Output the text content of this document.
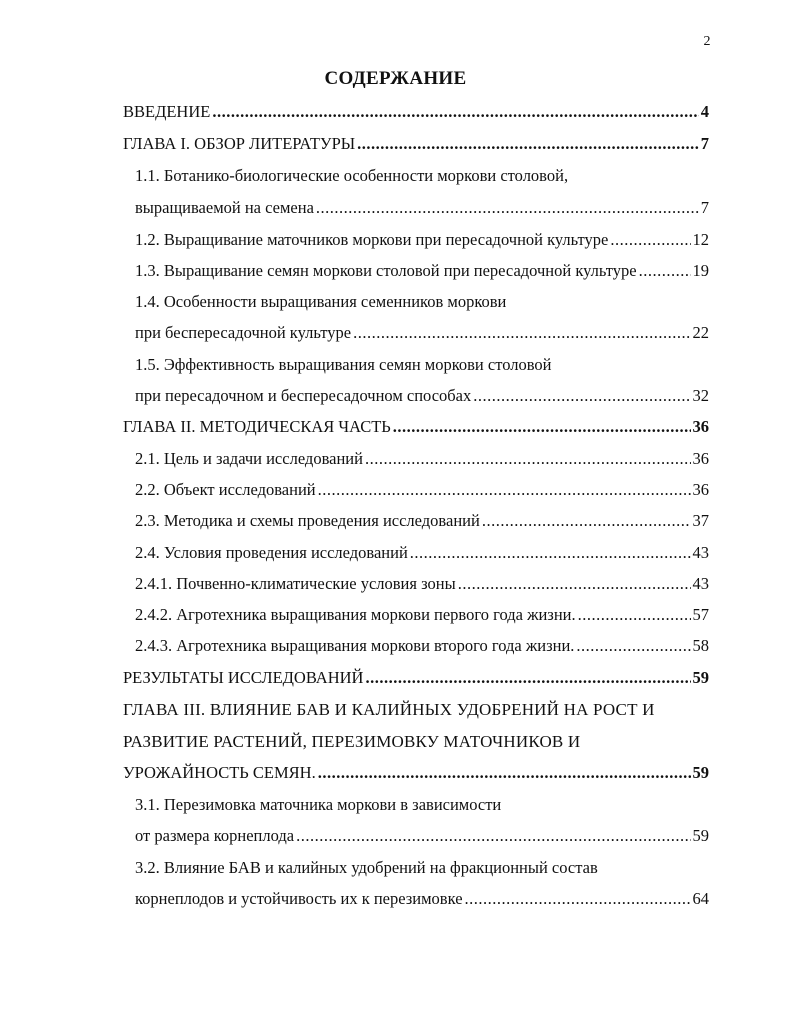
2
СОДЕРЖАНИЕ
ВВЕДЕНИЕ .....	4
ГЛАВА I. ОБЗОР ЛИТЕРАТУРЫ .....	7
1.1. Ботанико-биологические особенности моркови столовой,
выращиваемой на семена .....	7
1.2. Выращивание маточников моркови при пересадочной культуре .....	12
1.3. Выращивание семян моркови столовой при пересадочной культуре .....	19
1.4. Особенности выращивания семенников моркови
при беспересадочной культуре .....	22
1.5. Эффективность выращивания семян моркови столовой
при пересадочном и беспересадочном способах .....	32
ГЛАВА II. МЕТОДИЧЕСКАЯ ЧАСТЬ .....	36
2.1. Цель и задачи исследований .....	36
2.2. Объект исследований .....	36
2.3. Методика и схемы проведения исследований .....	37
2.4. Условия проведения исследований .....	43
2.4.1. Почвенно-климатические условия зоны .....	43
2.4.2. Агротехника выращивания моркови первого года жизни. .....	57
2.4.3. Агротехника выращивания моркови второго года жизни. .....	58
РЕЗУЛЬТАТЫ ИССЛЕДОВАНИЙ .....	59
ГЛАВА III. ВЛИЯНИЕ БАВ И КАЛИЙНЫХ УДОБРЕНИЙ НА РОСТ И
РАЗВИТИЕ РАСТЕНИЙ, ПЕРЕЗИМОВКУ МАТОЧНИКОВ И
УРОЖАЙНОСТЬ СЕМЯН. .....	59
3.1. Перезимовка маточника моркови в зависимости
от размера корнеплода .....	59
3.2. Влияние БАВ и калийных удобрений на фракционный состав
корнеплодов и устойчивость их к перезимовке .....	64
